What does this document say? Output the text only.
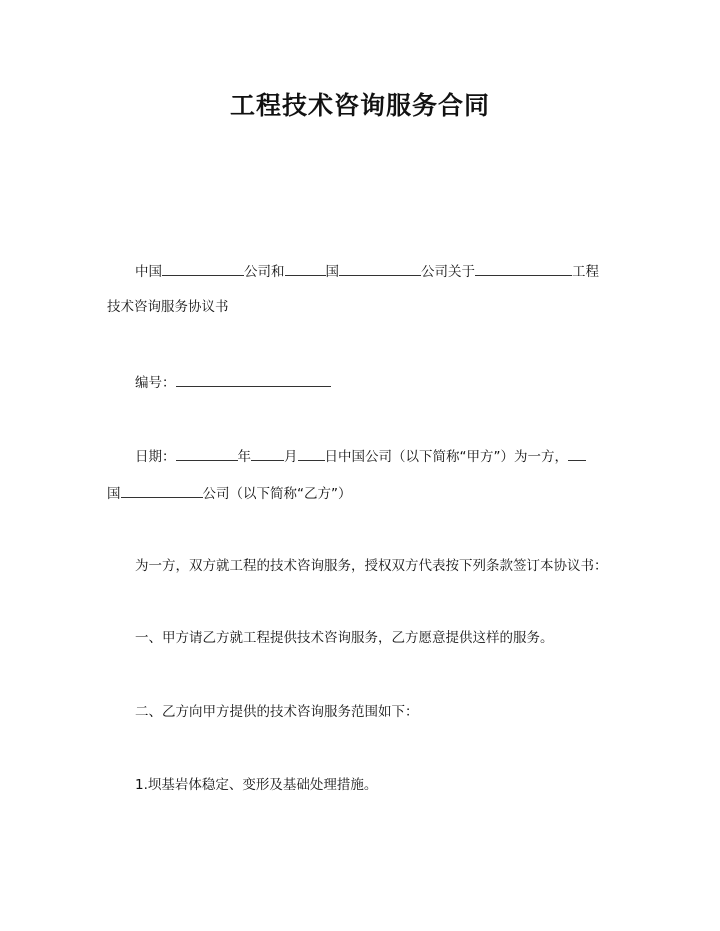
工程技术咨询服务合同
中国	公司和	国	公司关于	工程
技术咨询服务协议书
编号：
日期：	年 月 日中国公司（以下简称“甲方”）为一方，
国	公司（以下简称“乙方”）
为一方，双方就工程的技术咨询服务，授权双方代表按下列条款签订本协议书：
一、甲方请乙方就工程提供技术咨询服务，乙方愿意提供这样的服务。
二、乙方向甲方提供的技术咨询服务范围如下：
1.坝基岩体稳定、变形及基础处理措施。
